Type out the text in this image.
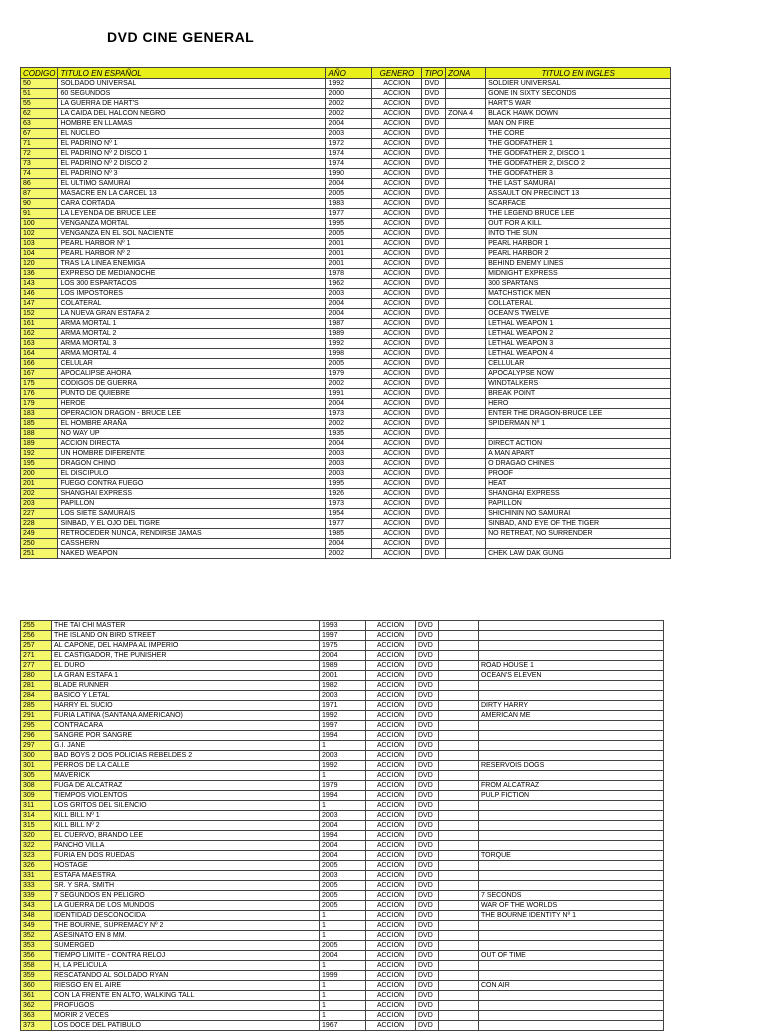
DVD CINE GENERAL
CODIGO	TITULO EN ESPAÑOL	AÑO	GENERO	TIPO	ZONA	TITULO EN INGLES
50	SOLDADO UNIVERSAL	1992	ACCION	DVD		SOLDIER UNIVERSAL
51	60 SEGUNDOS	2000	ACCION	DVD		GONE IN SIXTY SECONDS
55	LA GUERRA DE HART'S	2002	ACCION	DVD		HART'S WAR
62	LA CAIDA DEL HALCON NEGRO	2002	ACCION	DVD	ZONA 4	BLACK HAWK DOWN
63	HOMBRE EN LLAMAS	2004	ACCION	DVD		MAN ON FIRE
67	EL NUCLEO	2003	ACCION	DVD		THE CORE
71	EL PADRINO Nº 1	1972	ACCION	DVD		THE GODFATHER 1
72	EL PADRINO Nº 2 DISCO 1	1974	ACCION	DVD		THE GODFATHER 2, DISCO 1
73	EL PADRINO Nº 2 DISCO 2	1974	ACCION	DVD		THE GODFATHER 2, DISCO 2
74	EL PADRINO Nº 3	1990	ACCION	DVD		THE GODFATHER 3
86	EL ULTIMO SAMURAI	2004	ACCION	DVD		THE LAST SAMURAI
87	MASACRE EN LA CARCEL 13	2005	ACCION	DVD		ASSAULT ON PRECINCT 13
90	CARA CORTADA	1983	ACCION	DVD		SCARFACE
91	LA LEYENDA DE BRUCE LEE	1977	ACCION	DVD		THE LEGEND BRUCE LEE
100	VENGANZA MORTAL	1995	ACCION	DVD		OUT FOR A KILL
102	VENGANZA EN EL SOL NACIENTE	2005	ACCION	DVD		INTO THE SUN
103	PEARL HARBOR Nº 1	2001	ACCION	DVD		PEARL HARBOR 1
104	PEARL HARBOR Nº 2	2001	ACCION	DVD		PEARL HARBOR 2
120	TRAS LA LINEA ENEMIGA	2001	ACCION	DVD		BEHIND ENEMY LINES
136	EXPRESO DE MEDIANOCHE	1978	ACCION	DVD		MIDNIGHT EXPRESS
143	LOS 300 ESPARTACOS	1962	ACCION	DVD		300 SPARTANS
146	LOS IMPOSTORES	2003	ACCION	DVD		MATCHSTICK MEN
147	COLATERAL	2004	ACCION	DVD		COLLATERAL
152	LA NUEVA GRAN ESTAFA 2	2004	ACCION	DVD		OCEAN'S TWELVE
161	ARMA MORTAL 1	1987	ACCION	DVD		LETHAL WEAPON 1
162	ARMA MORTAL 2	1989	ACCION	DVD		LETHAL WEAPON 2
163	ARMA MORTAL 3	1992	ACCION	DVD		LETHAL WEAPON 3
164	ARMA MORTAL 4	1998	ACCION	DVD		LETHAL WEAPON 4
166	CELULAR	2005	ACCION	DVD		CELLULAR
167	APOCALIPSE AHORA	1979	ACCION	DVD		APOCALYPSE NOW
175	CODIGOS DE GUERRA	2002	ACCION	DVD		WINDTALKERS
176	PUNTO DE QUIEBRE	1991	ACCION	DVD		BREAK POINT
179	HEROE	2004	ACCION	DVD		HERO
183	OPERACION DRAGON - BRUCE LEE	1973	ACCION	DVD		ENTER THE DRAGON-BRUCE LEE
185	EL HOMBRE ARAÑA	2002	ACCION	DVD		SPIDERMAN Nº 1
188	NO WAY UP	1935	ACCION	DVD		
189	ACCION DIRECTA	2004	ACCION	DVD		DIRECT ACTION
192	UN HOMBRE DIFERENTE	2003	ACCION	DVD		A MAN APART
195	DRAGON CHINO	2003	ACCION	DVD		O DRAGAO CHINES
200	EL DISCIPULO	2003	ACCION	DVD		PROOF
201	FUEGO CONTRA FUEGO	1995	ACCION	DVD		HEAT
202	SHANGHAI EXPRESS	1926	ACCION	DVD		SHANGHAI EXPRESS
203	PAPILLON	1973	ACCION	DVD		PAPILLON
227	LOS SIETE SAMURAIS	1954	ACCION	DVD		SHICHININ NO SAMURAI
228	SINBAD, Y EL OJO DEL TIGRE	1977	ACCION	DVD		SINBAD, AND EYE OF THE TIGER
249	RETROCEDER NUNCA, RENDIRSE JAMAS	1985	ACCION	DVD		NO RETREAT, NO SURRENDER
250	CASSHERN	2004	ACCION	DVD		
251	NAKED WEAPON	2002	ACCION	DVD		CHEK LAW DAK GUNG
255	THE TAI CHI MASTER	1993	ACCION	DVD		
256	THE ISLAND ON BIRD STREET	1997	ACCION	DVD		
257	AL CAPONE, DEL HAMPA AL IMPERIO	1975	ACCION	DVD		
271	EL CASTIGADOR, THE PUNISHER	2004	ACCION	DVD		
277	EL DURO	1989	ACCION	DVD		ROAD HOUSE 1
280	LA GRAN ESTAFA 1	2001	ACCION	DVD		OCEAN'S ELEVEN
281	BLADE RUNNER	1982	ACCION	DVD		
284	BASICO Y LETAL	2003	ACCION	DVD		
285	HARRY EL SUCIO	1971	ACCION	DVD		DIRTY HARRY
291	FURIA LATINA (SANTANA AMERICANO)	1992	ACCION	DVD		AMERICAN ME
295	CONTRACARA	1997	ACCION	DVD		
296	SANGRE POR SANGRE	1994	ACCION	DVD		
297	G.I. JANE	1	ACCION	DVD		
300	BAD BOYS 2 DOS POLICIAS REBELDES 2	2003	ACCION	DVD		
301	PERROS DE LA CALLE	1992	ACCION	DVD		RESERVOIS DOGS
305	MAVERICK	1	ACCION	DVD		
308	FUGA DE ALCATRAZ	1979	ACCION	DVD		FROM ALCATRAZ
309	TIEMPOS VIOLENTOS	1994	ACCION	DVD		PULP FICTION
311	LOS GRITOS DEL SILENCIO	1	ACCION	DVD		
314	KILL BILL Nº 1	2003	ACCION	DVD		
315	KILL BILL Nº 2	2004	ACCION	DVD		
320	EL CUERVO, BRANDO LEE	1994	ACCION	DVD		
322	PANCHO VILLA	2004	ACCION	DVD		
323	FURIA EN DOS RUEDAS	2004	ACCION	DVD		TORQUE
326	HOSTAGE	2005	ACCION	DVD		
331	ESTAFA MAESTRA	2003	ACCION	DVD		
333	SR. Y SRA. SMITH	2005	ACCION	DVD		
339	7 SEGUNDOS EN PELIGRO	2005	ACCION	DVD		7 SECONDS
343	LA GUERRA DE LOS MUNDOS	2005	ACCION	DVD		WAR OF THE WORLDS
348	IDENTIDAD DESCONOCIDA	1	ACCION	DVD		THE BOURNE IDENTITY Nº 1
349	THE BOURNE, SUPREMACY Nº 2	1	ACCION	DVD		
352	ASESINATO EN 8 MM.	1	ACCION	DVD		
353	SUMERGED	2005	ACCION	DVD		
356	TIEMPO LIMITE - CONTRA RELOJ	2004	ACCION	DVD		OUT OF TIME
358	H, LA PELICULA	1	ACCION	DVD		
359	RESCATANDO AL SOLDADO RYAN	1999	ACCION	DVD		
360	RIESGO EN EL AIRE	1	ACCION	DVD		CON AIR
361	CON LA FRENTE EN ALTO, WALKING TALL	1	ACCION	DVD		
362	PROFUGOS	1	ACCION	DVD		
363	MORIR 2 VECES	1	ACCION	DVD		
373	LOS DOCE DEL PATIBULO	1967	ACCION	DVD		
